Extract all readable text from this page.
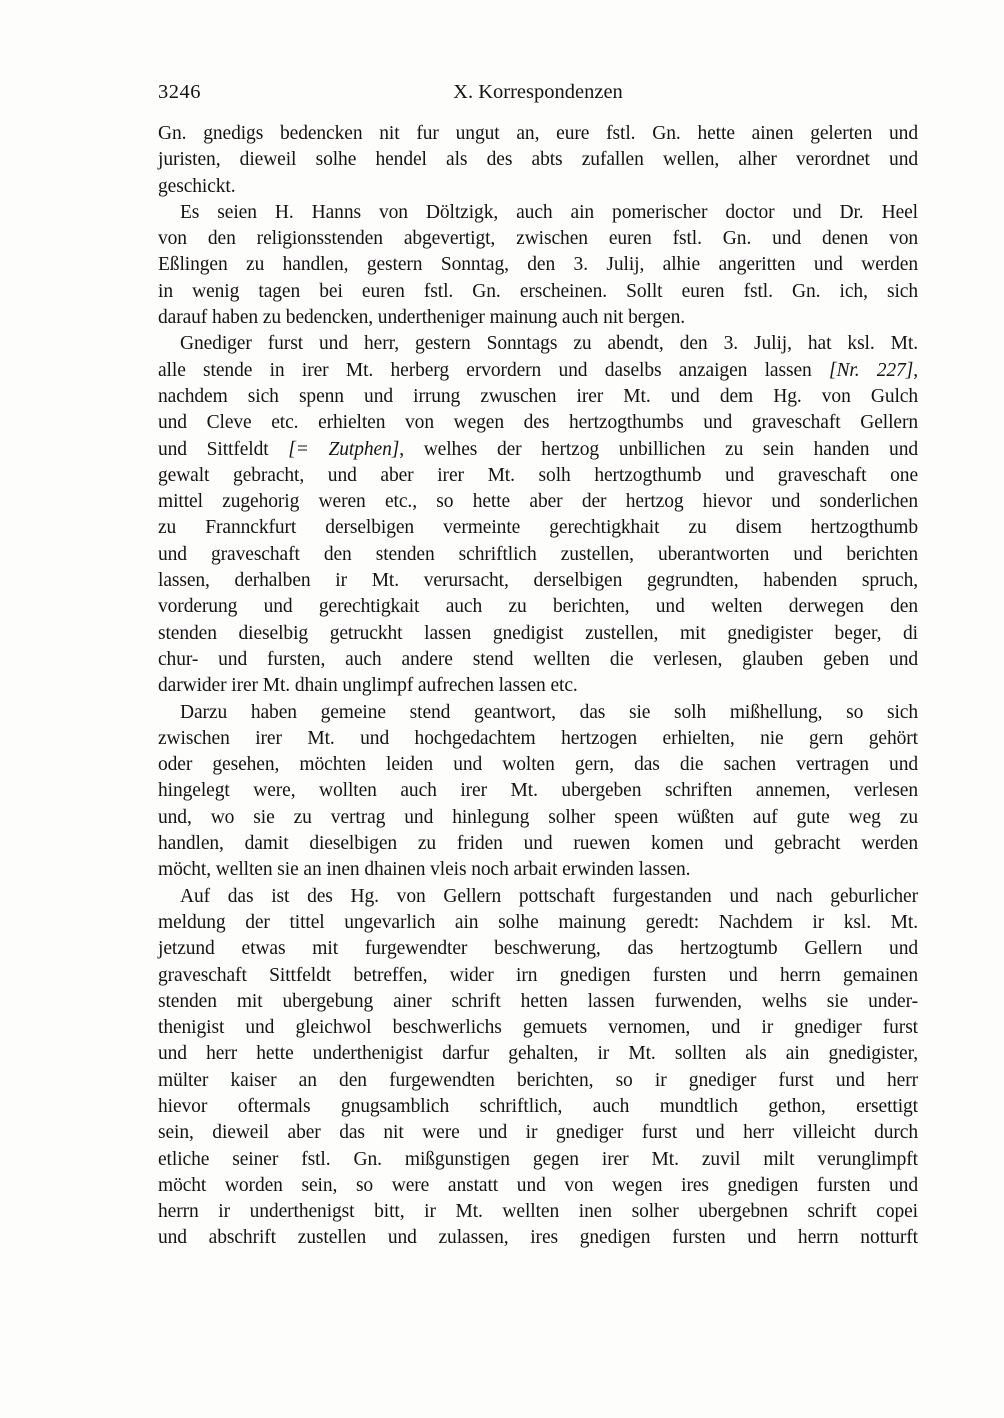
3246	X. Korrespondenzen
Gn. gnedigs bedencken nit fur ungut an, eure fstl. Gn. hette ainen gelerten und
juristen, dieweil solhe hendel als des abts zufallen wellen, alher verordnet und
geschickt.
Es seien H. Hanns von Döltzigk, auch ain pomerischer doctor und Dr. Heel
von den religionsstenden abgevertigt, zwischen euren fstl. Gn. und denen von
Eßlingen zu handlen, gestern Sonntag, den 3. Julij, alhie angeritten und werden
in wenig tagen bei euren fstl. Gn. erscheinen. Sollt euren fstl. Gn. ich, sich
darauf haben zu bedencken, undertheniger mainung auch nit bergen.
Gnediger furst und herr, gestern Sonntags zu abendt, den 3. Julij, hat ksl. Mt.
alle stende in irer Mt. herberg ervordern und daselbs anzaigen lassen [Nr. 227],
nachdem sich spenn und irrung zwuschen irer Mt. und dem Hg. von Gulch
und Cleve etc. erhielten von wegen des hertzogthumbs und graveschaft Gellern
und Sittfeldt [= Zutphen], welhes der hertzog unbillichen zu sein handen und
gewalt gebracht, und aber irer Mt. solh hertzogthumb und graveschaft one
mittel zugehorig weren etc., so hette aber der hertzog hievor und sonderlichen
zu Frannckfurt derselbigen vermeinte gerechtigkhait zu disem hertzogthumb
und graveschaft den stenden schriftlich zustellen, uberantworten und berichten
lassen, derhalben ir Mt. verursacht, derselbigen gegrundten, habenden spruch,
vorderung und gerechtigkait auch zu berichten, und welten derwegen den
stenden dieselbig getruckht lassen gnedigist zustellen, mit gnedigister beger, di
chur- und fursten, auch andere stend wellten die verlesen, glauben geben und
darwider irer Mt. dhain unglimpf aufrechen lassen etc.
Darzu haben gemeine stend geantwort, das sie solh mißhellung, so sich
zwischen irer Mt. und hochgedachtem hertzogen erhielten, nie gern gehört
oder gesehen, möchten leiden und wolten gern, das die sachen vertragen und
hingelegt were, wollten auch irer Mt. ubergeben schriften annemen, verlesen
und, wo sie zu vertrag und hinlegung solher speen wüßten auf gute weg zu
handlen, damit dieselbigen zu friden und ruewen komen und gebracht werden
möcht, wellten sie an inen dhainen vleis noch arbait erwinden lassen.
Auf das ist des Hg. von Gellern pottschaft furgestanden und nach geburlicher
meldung der tittel ungevarlich ain solhe mainung geredt: Nachdem ir ksl. Mt.
jetzund etwas mit furgewendter beschwerung, das hertzogtumb Gellern und
graveschaft Sittfeldt betreffen, wider irn gnedigen fursten und herrn gemainen
stenden mit ubergebung ainer schrift hetten lassen furwenden, welhs sie under-
thenigist und gleichwol beschwerlichs gemuets vernomen, und ir gnediger furst
und herr hette underthenigist darfur gehalten, ir Mt. sollten als ain gnedigister,
mülter kaiser an den furgewendten berichten, so ir gnediger furst und herr
hievor oftermals gnugsamblich schriftlich, auch mundtlich gethon, ersettigt
sein, dieweil aber das nit were und ir gnediger furst und herr villeicht durch
etliche seiner fstl. Gn. mißgunstigen gegen irer Mt. zuvil milt verunglimpft
möcht worden sein, so were anstatt und von wegen ires gnedigen fursten und
herrn ir underthenigst bitt, ir Mt. wellten inen solher ubergebnen schrift copei
und abschrift zustellen und zulassen, ires gnedigen fursten und herrn notturft
